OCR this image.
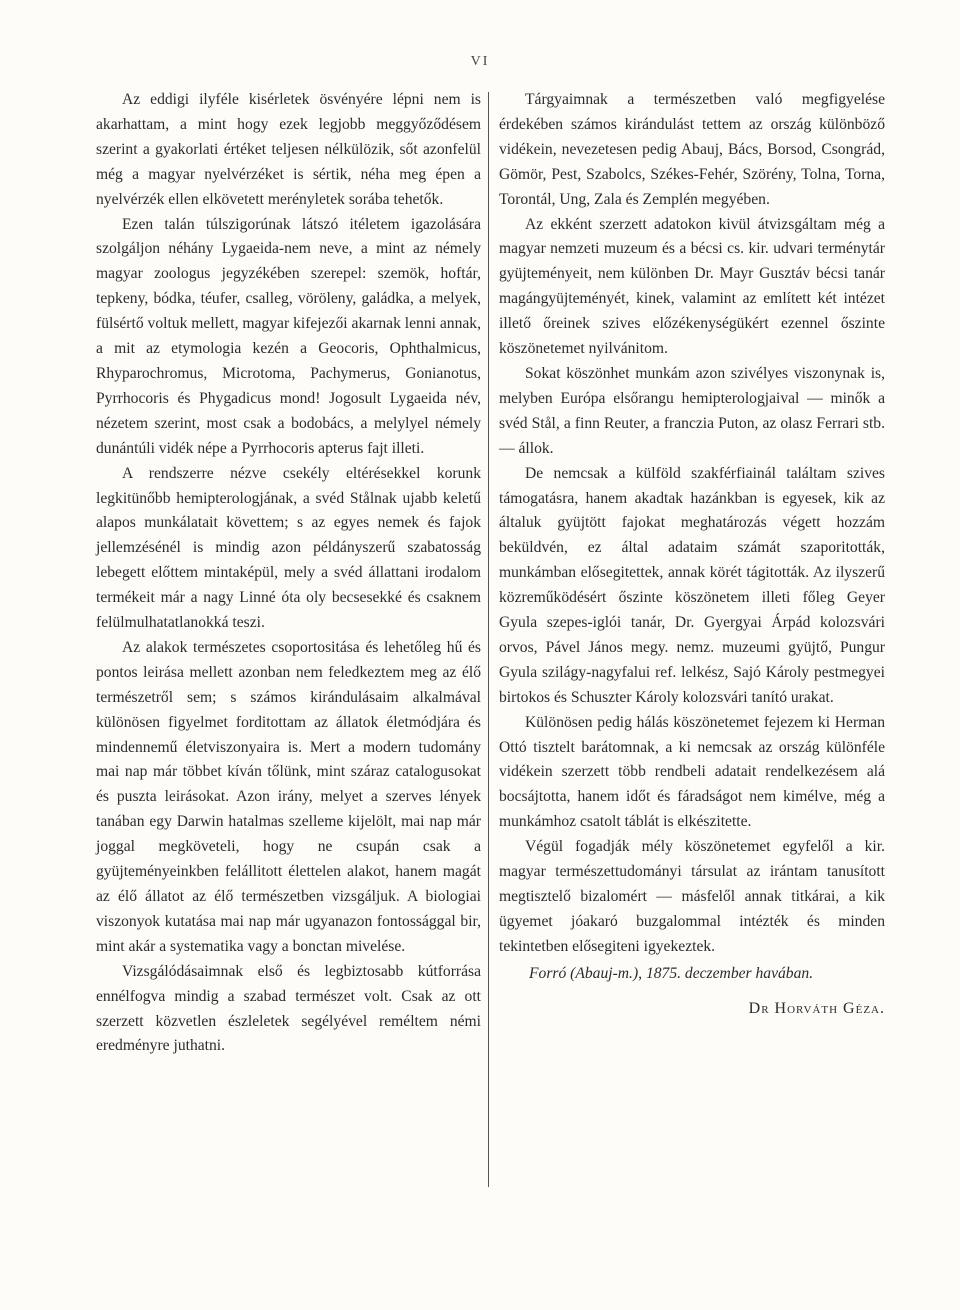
VI

Az eddigi ilyféle kisérletek ösvényére lépni nem is akarhattam, a mint hogy ezek legjobb meggyőződésem szerint a gyakorlati értéket teljesen nélkülözik, sőt azonfelül még a magyar nyelvérzéket is sértik, néha meg épen a nyelvérzék ellen elkövetett merényletek sorába tehetők.

Ezen talán túlszigorúnak látszó itéletem igazolására szolgáljon néhány Lygaeida-nem neve, a mint az némely magyar zoologus jegyzékében szerepel: szemök, hoftár, tepkeny, bódka, téufer, csalleg, vöröleny, galádka, a melyek, fülsértő voltuk mellett, magyar kifejezői akarnak lenni annak, a mit az etymologia kezén a Geocoris, Ophthalmicus, Rhyparochromus, Microtoma, Pachymerus, Gonianotus, Pyrrhocoris és Phygadicus mond! Jogosult Lygaeida név, nézetem szerint, most csak a bodobács, a melylyel némely dunántúli vidék népe a Pyrrhocoris apterus fajt illeti.

A rendszerre nézve csekély eltérésekkel korunk legkitünőbb hemipterologjának, a svéd Stålnak ujabb keletű alapos munkálatait követtem; s az egyes nemek és fajok jellemzésénél is mindig azon példányszerű szabatosság lebegett előttem mintaképül, mely a svéd állattani irodalom termékeit már a nagy Linné óta oly becsesekké és csaknem felülmulhatatlanokká teszi.

Az alakok természetes csoportositása és lehetőleg hű és pontos leirása mellett azonban nem feledkeztem meg az élő természetről sem; s számos kirándulásaim alkalmával különösen figyelmet forditottam az állatok életmódjára és mindennemű életviszonyaira is. Mert a modern tudomány mai nap már többet kíván tőlünk, mint száraz catalogusokat és puszta leirásokat. Azon irány, melyet a szerves lények tanában egy Darwin hatalmas szelleme kijelölt, mai nap már joggal megköveteli, hogy ne csupán csak a gyüjteményeinkben felállitott élettelen alakot, hanem magát az élő állatot az élő természetben vizsgáljuk. A biologiai viszonyok kutatása mai nap már ugyanazon fontossággal bir, mint akár a systematika vagy a bonctan mivelése.

Vizsgálódásaimnak első és legbiztosabb kútforrása ennélfogva mindig a szabad természet volt. Csak az ott szerzett közvetlen észleletek segélyével reméltem némi eredményre juthatni.

Tárgyaimnak a természetben való megfigyelése érdekében számos kirándulást tettem az ország különböző vidékein, nevezetesen pedig Abauj, Bács, Borsod, Csongrád, Gömör, Pest, Szabolcs, Székes-Fehér, Szörény, Tolna, Torna, Torontál, Ung, Zala és Zemplén megyében.

Az ekként szerzett adatokon kivül átvizsgáltam még a magyar nemzeti muzeum és a bécsi cs. kir. udvari terménytár gyüjteményeit, nem különben Dr. Mayr Gusztáv bécsi tanár magángyüjteményét, kinek, valamint az említett két intézet illető őreinek szives előzékenységükért ezennel őszinte köszönetemet nyilvánitom.

Sokat köszönhet munkám azon szivélyes viszonynak is, melyben Európa elsőrangu hemipterologjaival — minők a svéd Stål, a finn Reuter, a franczia Puton, az olasz Ferrari stb. — állok.

De nemcsak a külföld szakférfiainál találtam szives támogatásra, hanem akadtak hazánkban is egyesek, kik az általuk gyüjtött fajokat meghatározás végett hozzám beküldvén, ez által adataim számát szaporitották, munkámban elősegitettek, annak körét tágitották. Az ilyszerű közreműködésért őszinte köszönetem illeti főleg Geyer Gyula szepes-iglói tanár, Dr. Gyergyai Árpád kolozsvári orvos, Pável János megy. nemz. muzeumi gyüjtő, Pungur Gyula szilágy-nagyfalui ref. lelkész, Sajó Károly pestmegyei birtokos és Schuszter Károly kolozsvári tanító urakat.

Különösen pedig hálás köszönetemet fejezem ki Herman Ottó tisztelt barátomnak, a ki nemcsak az ország különféle vidékein szerzett több rendbeli adatait rendelkezésem alá bocsájtotta, hanem időt és fáradságot nem kimélve, még a munkámhoz csatolt táblát is elkészitette.

Végül fogadják mély köszönetemet egyfelől a kir. magyar természettudományi társulat az irántam tanusított megtisztelő bizalomért — másfelől annak titkárai, a kik ügyemet jóakaró buzgalommal intézték és minden tekintetben elősegiteni igyekeztek.

Forró (Abauj-m.), 1875. deczember havában.

Dr Horváth Géza.
